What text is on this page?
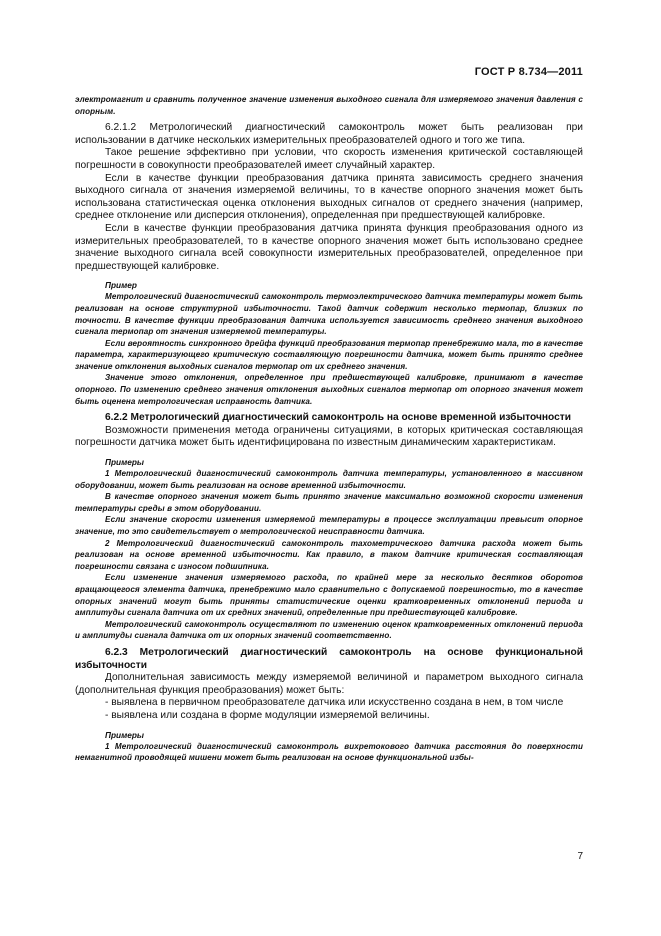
ГОСТ Р 8.734—2011

электромагнит и сравнить полученное значение изменения выходного сигнала для измеряемого значения давления с опорным.

6.2.1.2 Метрологический диагностический самоконтроль может быть реализован при использовании в датчике нескольких измерительных преобразователей одного и того же типа.

Такое решение эффективно при условии, что скорость изменения критической составляющей погрешности в совокупности преобразователей имеет случайный характер.

Если в качестве функции преобразования датчика принята зависимость среднего значения выходного сигнала от значения измеряемой величины, то в качестве опорного значения может быть использована статистическая оценка отклонения выходных сигналов от среднего значения (например, среднее отклонение или дисперсия отклонения), определенная при предшествующей калибровке.

Если в качестве функции преобразования датчика принята функция преобразования одного из измерительных преобразователей, то в качестве опорного значения может быть использовано среднее значение выходного сигнала всей совокупности измерительных преобразователей, определенное при предшествующей калибровке.

Пример

Метрологический диагностический самоконтроль термоэлектрического датчика температуры может быть реализован на основе структурной избыточности. Такой датчик содержит несколько термопар, близких по точности. В качестве функции преобразования датчика используется зависимость среднего значения выходного сигнала термопар от значения измеряемой температуры.

Если вероятность синхронного дрейфа функций преобразования термопар пренебрежимо мала, то в качестве параметра, характеризующего критическую составляющую погрешности датчика, может быть принято среднее значение отклонения выходных сигналов термопар от их среднего значения.

Значение этого отклонения, определенное при предшествующей калибровке, принимают в качестве опорного. По изменению среднего значения отклонения выходных сигналов термопар от опорного значения может быть оценена метрологическая исправность датчика.

6.2.2 Метрологический диагностический самоконтроль на основе временной избыточности

Возможности применения метода ограничены ситуациями, в которых критическая составляющая погрешности датчика может быть идентифицирована по известным динамическим характеристикам.

Примеры

1 Метрологический диагностический самоконтроль датчика температуры, установленного в массивном оборудовании, может быть реализован на основе временной избыточности.

В качестве опорного значения может быть принято значение максимально возможной скорости изменения температуры среды в этом оборудовании.

Если значение скорости изменения измеряемой температуры в процессе эксплуатации превысит опорное значение, то это свидетельствует о метрологической неисправности датчика.

2 Метрологический диагностический самоконтроль тахометрического датчика расхода может быть реализован на основе временной избыточности. Как правило, в таком датчике критическая составляющая погрешности связана с износом подшипника.

Если изменение значения измеряемого расхода, по крайней мере за несколько десятков оборотов вращающегося элемента датчика, пренебрежимо мало сравнительно с допускаемой погрешностью, то в качестве опорных значений могут быть приняты статистические оценки кратковременных отклонений периода и амплитуды сигнала датчика от их средних значений, определенные при предшествующей калибровке.

Метрологический самоконтроль осуществляют по изменению оценок кратковременных отклонений периода и амплитуды сигнала датчика от их опорных значений соответственно.

6.2.3 Метрологический диагностический самоконтроль на основе функциональной избыточности

Дополнительная зависимость между измеряемой величиной и параметром выходного сигнала (дополнительная функция преобразования) может быть:

- выявлена в первичном преобразователе датчика или искусственно создана в нем, в том числе

- выявлена или создана в форме модуляции измеряемой величины.

Примеры

1 Метрологический диагностический самоконтроль вихретокового датчика расстояния до поверхности немагнитной проводящей мишени может быть реализован на основе функциональной избы-

7
